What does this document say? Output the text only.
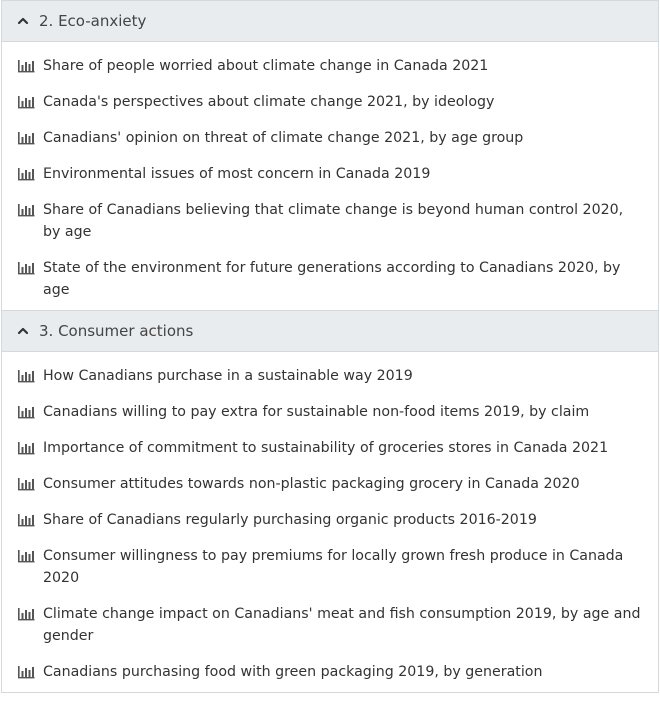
2. Eco-anxiety
Share of people worried about climate change in Canada 2021
Canada's perspectives about climate change 2021, by ideology
Canadians' opinion on threat of climate change 2021, by age group
Environmental issues of most concern in Canada 2019
Share of Canadians believing that climate change is beyond human control 2020, by age
State of the environment for future generations according to Canadians 2020, by age
3. Consumer actions
How Canadians purchase in a sustainable way 2019
Canadians willing to pay extra for sustainable non-food items 2019, by claim
Importance of commitment to sustainability of groceries stores in Canada 2021
Consumer attitudes towards non-plastic packaging grocery in Canada 2020
Share of Canadians regularly purchasing organic products 2016-2019
Consumer willingness to pay premiums for locally grown fresh produce in Canada 2020
Climate change impact on Canadians' meat and fish consumption 2019, by age and gender
Canadians purchasing food with green packaging 2019, by generation
